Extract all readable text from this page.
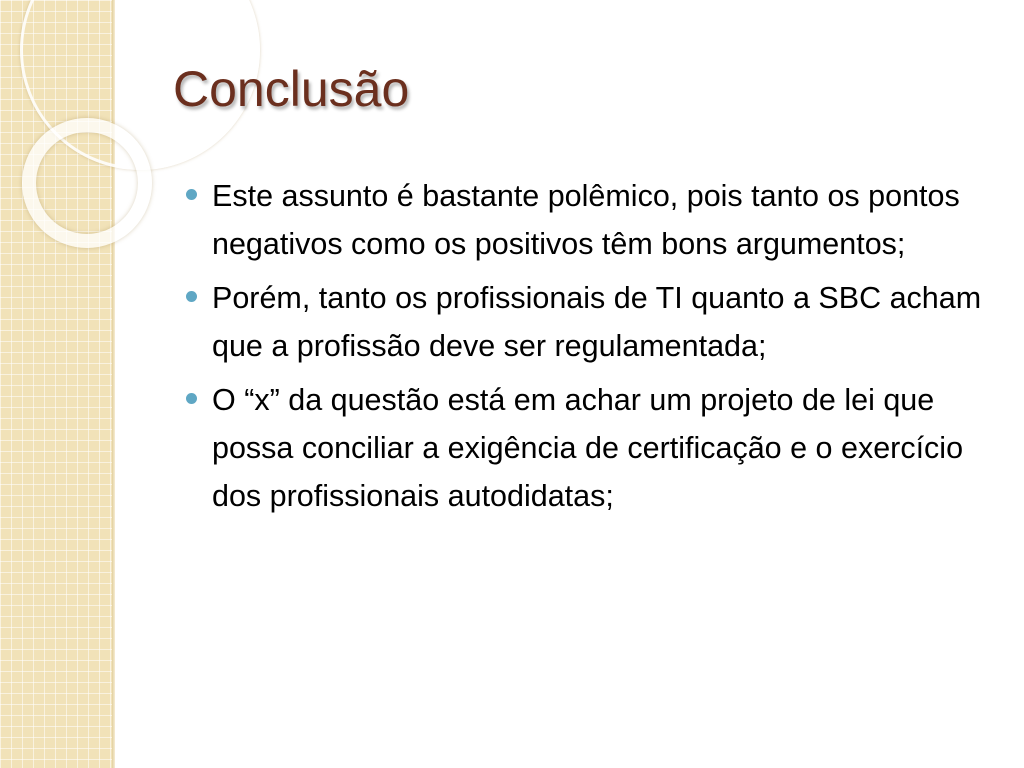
Conclusão
Este assunto é bastante polêmico, pois tanto os pontos negativos como os positivos têm bons argumentos;
Porém, tanto os profissionais de TI quanto a SBC acham que a profissão deve ser regulamentada;
O “x” da questão está em achar um projeto de lei que possa conciliar a exigência de certificação e o exercício dos profissionais autodidatas;
